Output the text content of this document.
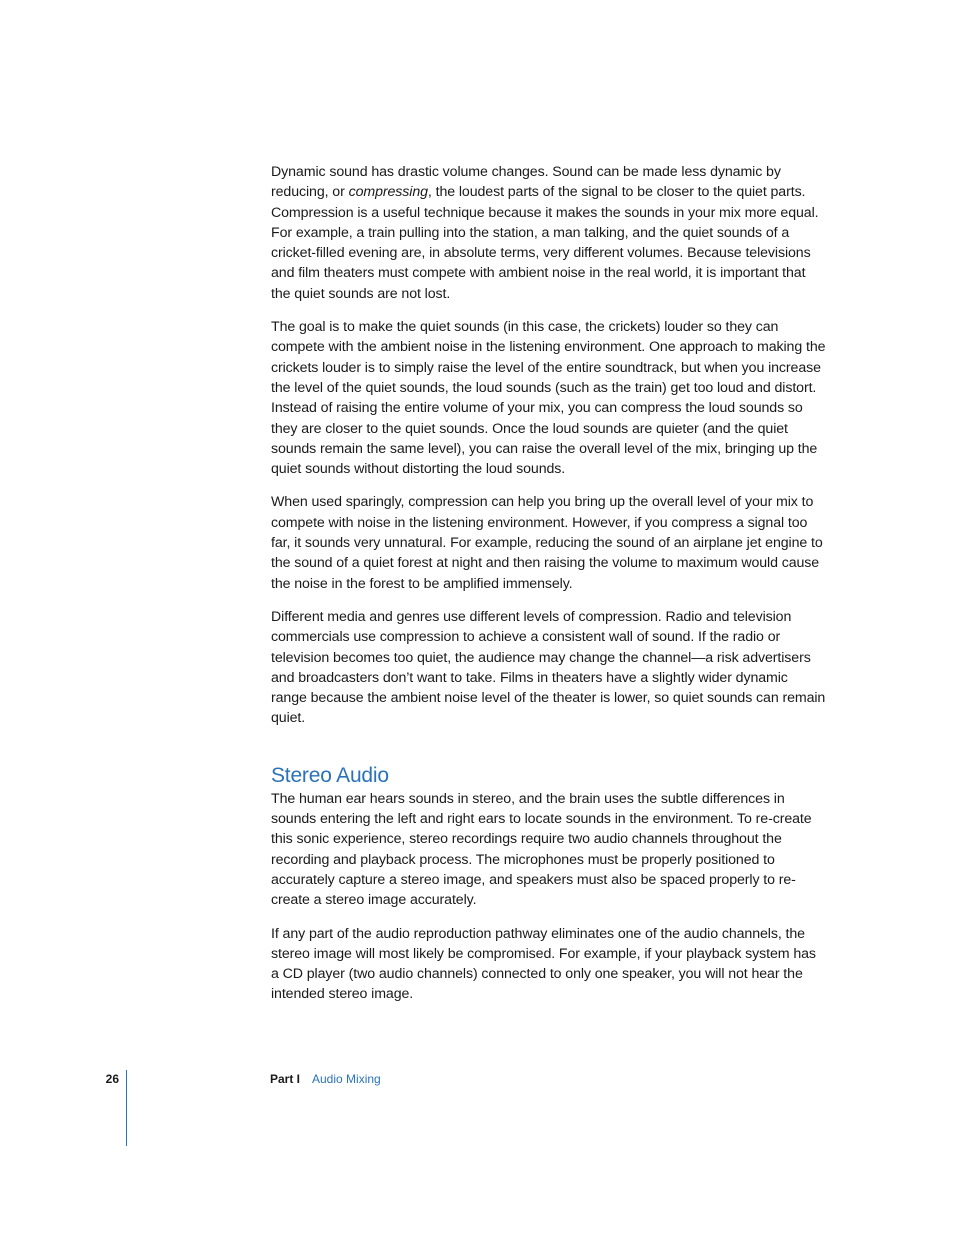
Dynamic sound has drastic volume changes. Sound can be made less dynamic by reducing, or compressing, the loudest parts of the signal to be closer to the quiet parts. Compression is a useful technique because it makes the sounds in your mix more equal. For example, a train pulling into the station, a man talking, and the quiet sounds of a cricket-filled evening are, in absolute terms, very different volumes. Because televisions and film theaters must compete with ambient noise in the real world, it is important that the quiet sounds are not lost.

The goal is to make the quiet sounds (in this case, the crickets) louder so they can compete with the ambient noise in the listening environment. One approach to making the crickets louder is to simply raise the level of the entire soundtrack, but when you increase the level of the quiet sounds, the loud sounds (such as the train) get too loud and distort. Instead of raising the entire volume of your mix, you can compress the loud sounds so they are closer to the quiet sounds. Once the loud sounds are quieter (and the quiet sounds remain the same level), you can raise the overall level of the mix, bringing up the quiet sounds without distorting the loud sounds.

When used sparingly, compression can help you bring up the overall level of your mix to compete with noise in the listening environment. However, if you compress a signal too far, it sounds very unnatural. For example, reducing the sound of an airplane jet engine to the sound of a quiet forest at night and then raising the volume to maximum would cause the noise in the forest to be amplified immensely.

Different media and genres use different levels of compression. Radio and television commercials use compression to achieve a consistent wall of sound. If the radio or television becomes too quiet, the audience may change the channel—a risk advertisers and broadcasters don’t want to take. Films in theaters have a slightly wider dynamic range because the ambient noise level of the theater is lower, so quiet sounds can remain quiet.

Stereo Audio

The human ear hears sounds in stereo, and the brain uses the subtle differences in sounds entering the left and right ears to locate sounds in the environment. To re-create this sonic experience, stereo recordings require two audio channels throughout the recording and playback process. The microphones must be properly positioned to accurately capture a stereo image, and speakers must also be spaced properly to re-create a stereo image accurately.

If any part of the audio reproduction pathway eliminates one of the audio channels, the stereo image will most likely be compromised. For example, if your playback system has a CD player (two audio channels) connected to only one speaker, you will not hear the intended stereo image.

26	Part I Audio Mixing
